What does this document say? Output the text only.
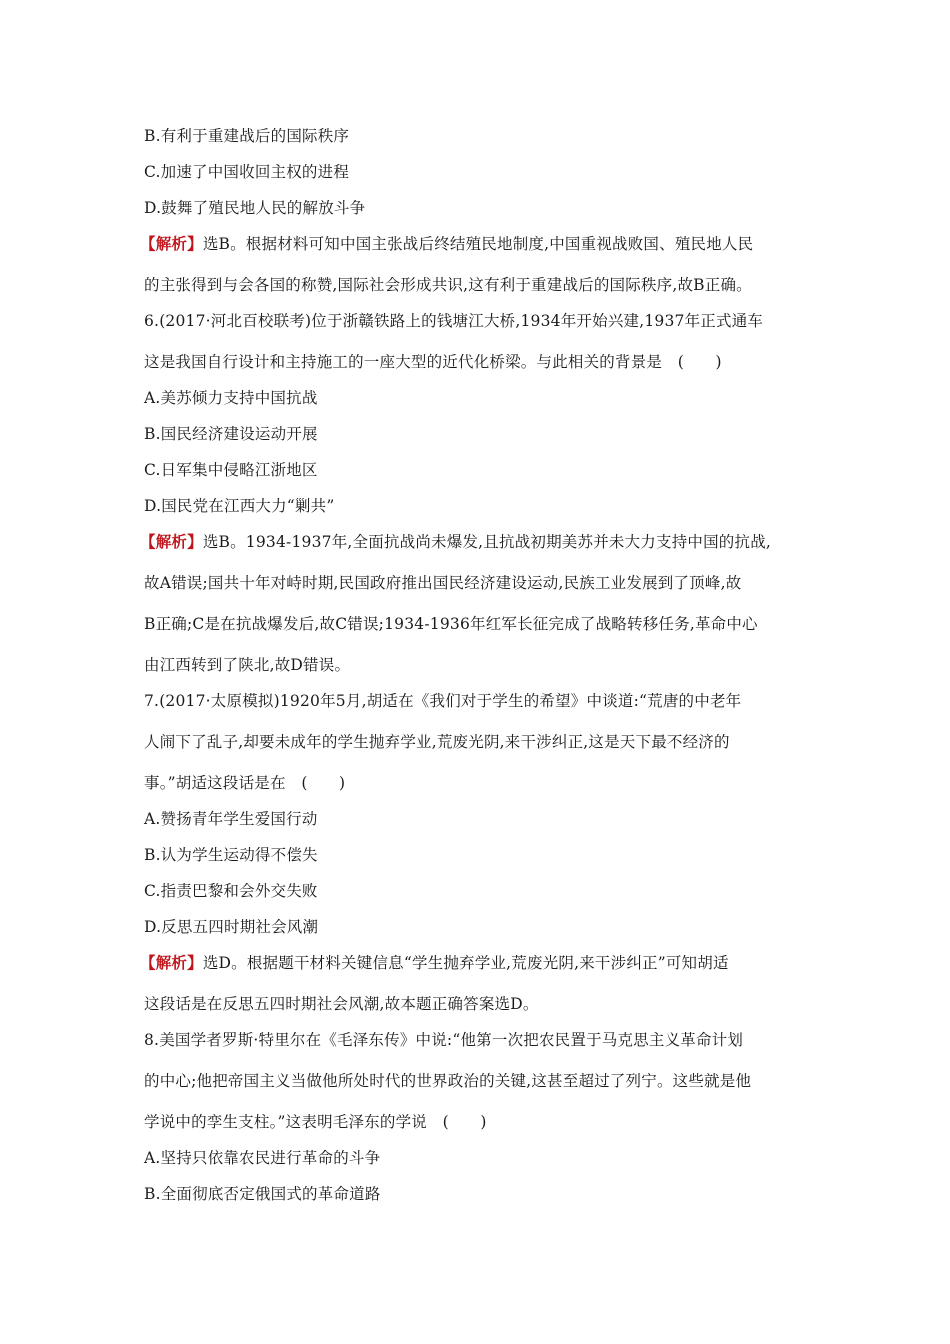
B.有利于重建战后的国际秩序
C.加速了中国收回主权的进程
D.鼓舞了殖民地人民的解放斗争
【解析】选B。根据材料可知中国主张战后终结殖民地制度,中国重视战败国、殖民地人民
的主张得到与会各国的称赞,国际社会形成共识,这有利于重建战后的国际秩序,故B正确。
6.(2017·河北百校联考)位于浙赣铁路上的钱塘江大桥,1934年开始兴建,1937年正式通车
这是我国自行设计和主持施工的一座大型的近代化桥梁。与此相关的背景是　(　　)
A.美苏倾力支持中国抗战
B.国民经济建设运动开展
C.日军集中侵略江浙地区
D.国民党在江西大力“剿共”
【解析】选B。1934-1937年,全面抗战尚未爆发,且抗战初期美苏并未大力支持中国的抗战,
故A错误;国共十年对峙时期,民国政府推出国民经济建设运动,民族工业发展到了顶峰,故
B正确;C是在抗战爆发后,故C错误;1934-1936年红军长征完成了战略转移任务,革命中心
由江西转到了陕北,故D错误。
7.(2017·太原模拟)1920年5月,胡适在《我们对于学生的希望》中谈道:“荒唐的中老年
人闹下了乱子,却要未成年的学生抛弃学业,荒废光阴,来干涉纠正,这是天下最不经济的
事。”胡适这段话是在　(　　)
A.赞扬青年学生爱国行动
B.认为学生运动得不偿失
C.指责巴黎和会外交失败
D.反思五四时期社会风潮
【解析】选D。根据题干材料关键信息“学生抛弃学业,荒废光阴,来干涉纠正”可知胡适
这段话是在反思五四时期社会风潮,故本题正确答案选D。
8.美国学者罗斯·特里尔在《毛泽东传》中说:“他第一次把农民置于马克思主义革命计划
的中心;他把帝国主义当做他所处时代的世界政治的关键,这甚至超过了列宁。这些就是他
学说中的孪生支柱。”这表明毛泽东的学说　(　　)
A.坚持只依靠农民进行革命的斗争
B.全面彻底否定俄国式的革命道路
